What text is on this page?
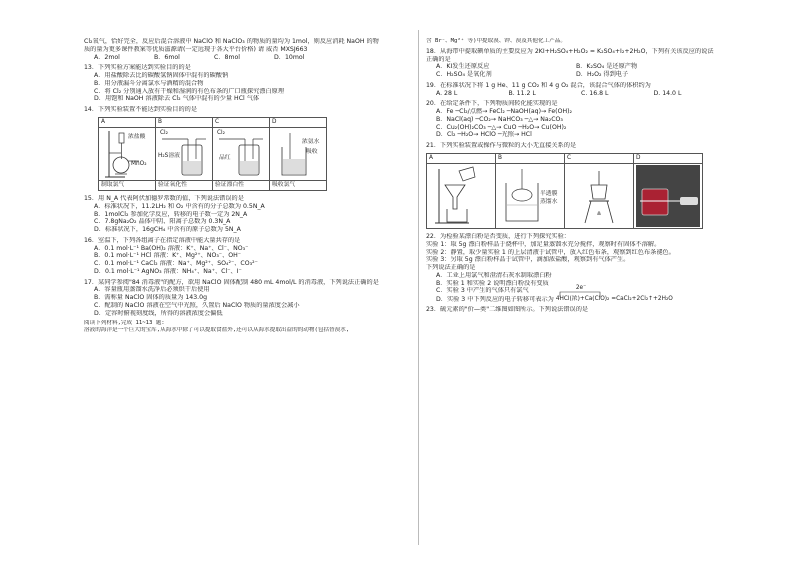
Cl₂氧气，恰好完全，反应后混合溶液中 NaClO 和 NaClO₃ 的物质的量均为 1mol，则反应消耗 NaOH 的物

质的量为更多课件教案等优质滋源请(一定远现于各大平台价格) 请 威否 MXSJ663

A．2mol	B．6mol	C．8mol	D．10mol

13．下列实验方案能达到实验目的的是

A．用盐酸除去比的碳酸氢钠固体中混有的碳酸钠

B．用分液漏斗分离氯水与酒精的混合物

C．将 Cl₂ 分别通入放有干燥和湿润的有色布条的广口瓶探究漂白原理

D．用饱和 NaOH 溶液除去 Cl₂ 气体中混有的少量 HCl 气体

14．下列实验装置不能达到实验目的的是

A	B	C	D

浓盐酸
MnO₂	Cl₂
H₂S溶液	Cl₂
品红	浓氨水
吸收

制取氯气	验证氧化性	验证漂白性	吸收氯气

15．用 N_A 代表阿伏加德罗常数的值，下列说法错误的是

A．标准状况下，11.2LH₂ 和 O₂ 中含有的分子总数为 0.5N_A

B．1molCl₂ 参加化学反应，转移的电子数一定为 2N_A

C．7.8gNa₂O₂ 晶体中阴、阳离子总数为 0.3N_A

D．标准状况下，16gCH₄ 中含有的原子总数为 5N_A

16．室温下，下列各组离子在指定溶液中能大量共存的是

A．0.1 mol·L⁻¹ Ba(OH)₂ 溶液：K⁺、Na⁺、Cl⁻、NO₃⁻

B．0.1 mol·L⁻¹ HCl 溶液：K⁺、Mg²⁺、NO₃⁻、OH⁻

C．0.1 mol·L⁻¹ CaCl₂ 溶液：Na⁺、Mg²⁺、SO₄²⁻、CO₃²⁻

D．0.1 mol·L⁻¹ AgNO₃ 溶液：NH₄⁺、Na⁺、Cl⁻、I⁻

17．某同学参阅"84 消毒液"的配方，欲用 NaClO 固体配制 480 mL 4mol/L 的消毒液，下列说法正确的是

A．容量瓶用蒸馏水洗净后必须烘干后使用

B．需称量 NaClO 固体的质量为 143.0g

C．配制的 NaClO 溶液在空气中光照，久置后 NaClO 物质的量浓度会减小

D．定容时俯视刻度线，所得的溶液浓度会偏低

阅读下列材料,完成 11~13 题:

溶液的海洋是一个巨大的宝库,从海水中除了可以提取食盐外,还可以从海水提取出益的的动物(包括替溴水,

含 Br⁻、Mg²⁺ 等)中提取溴、钾、溴及其他化工产品。

18．从海带中提取碘单质的主要反应为 2KI+H₂SO₄+H₂O₂ = K₂SO₄+I₂+2H₂O，下列有关该反应的说法

正确的是

A．KI发生还原反应	B．K₂SO₄ 是还原产物
C．H₂SO₄ 是氧化剂	D．H₂O₂ 得到电子

19．在标准状况下将 1 g He、11 g CO₂ 和 4 g O₂ 混合，该混合气体的体积约为

A. 28 L	B. 11.2 L	C. 16.8 L	D. 14.0 L

20．在给定条件下，下列物质间转化能实现的是

A．Fe ─Cl₂/点燃→ FeCl₂ ─NaOH(aq)→ Fe(OH)₂

B．NaCl(aq) ─CO₂→ NaHCO₃ ─△→ Na₂CO₃

C．Cu₂(OH)₂CO₃ ─△→ CuO ─H₂O→ Cu(OH)₂

D．Cl₂ ─H₂O→ HClO ─光照→ HCl

21．下列实验装置或操作与微粒的大小无直接关系的是

A	B	C	D

半透膜
蒸馏水

22．为检验某漂白粉是否变质，进行下列探究实验：

实验 1：取 5g 漂白粉样品于烧杯中，加足量蒸馏水充分搅拌，观察时有固体不溶解。

实验 2：静置，取少量实验 1 的上层清液于试管中，放入红色布条，观察到红色布条褪色。

实验 3：另取 5g 漂白粉样品于试管中，滴加浓盐酸，观察到有气体产生。

下列说法正确的是

A．工业上用氯气和澄清石灰水制取漂白粉

B．实验 1 和实验 2 说明漂白粉没有变质

C．实验 3 中产生的气体只有氯气

D．实验 3 中下列反应的电子转移可表示为

2e⁻
4HCl(浓)+Ca(ClO)₂ =CaCl₂+2Cl₂↑+2H₂O

23．硫元素的"价—类"二维图如图所示。下列说法错误的是
